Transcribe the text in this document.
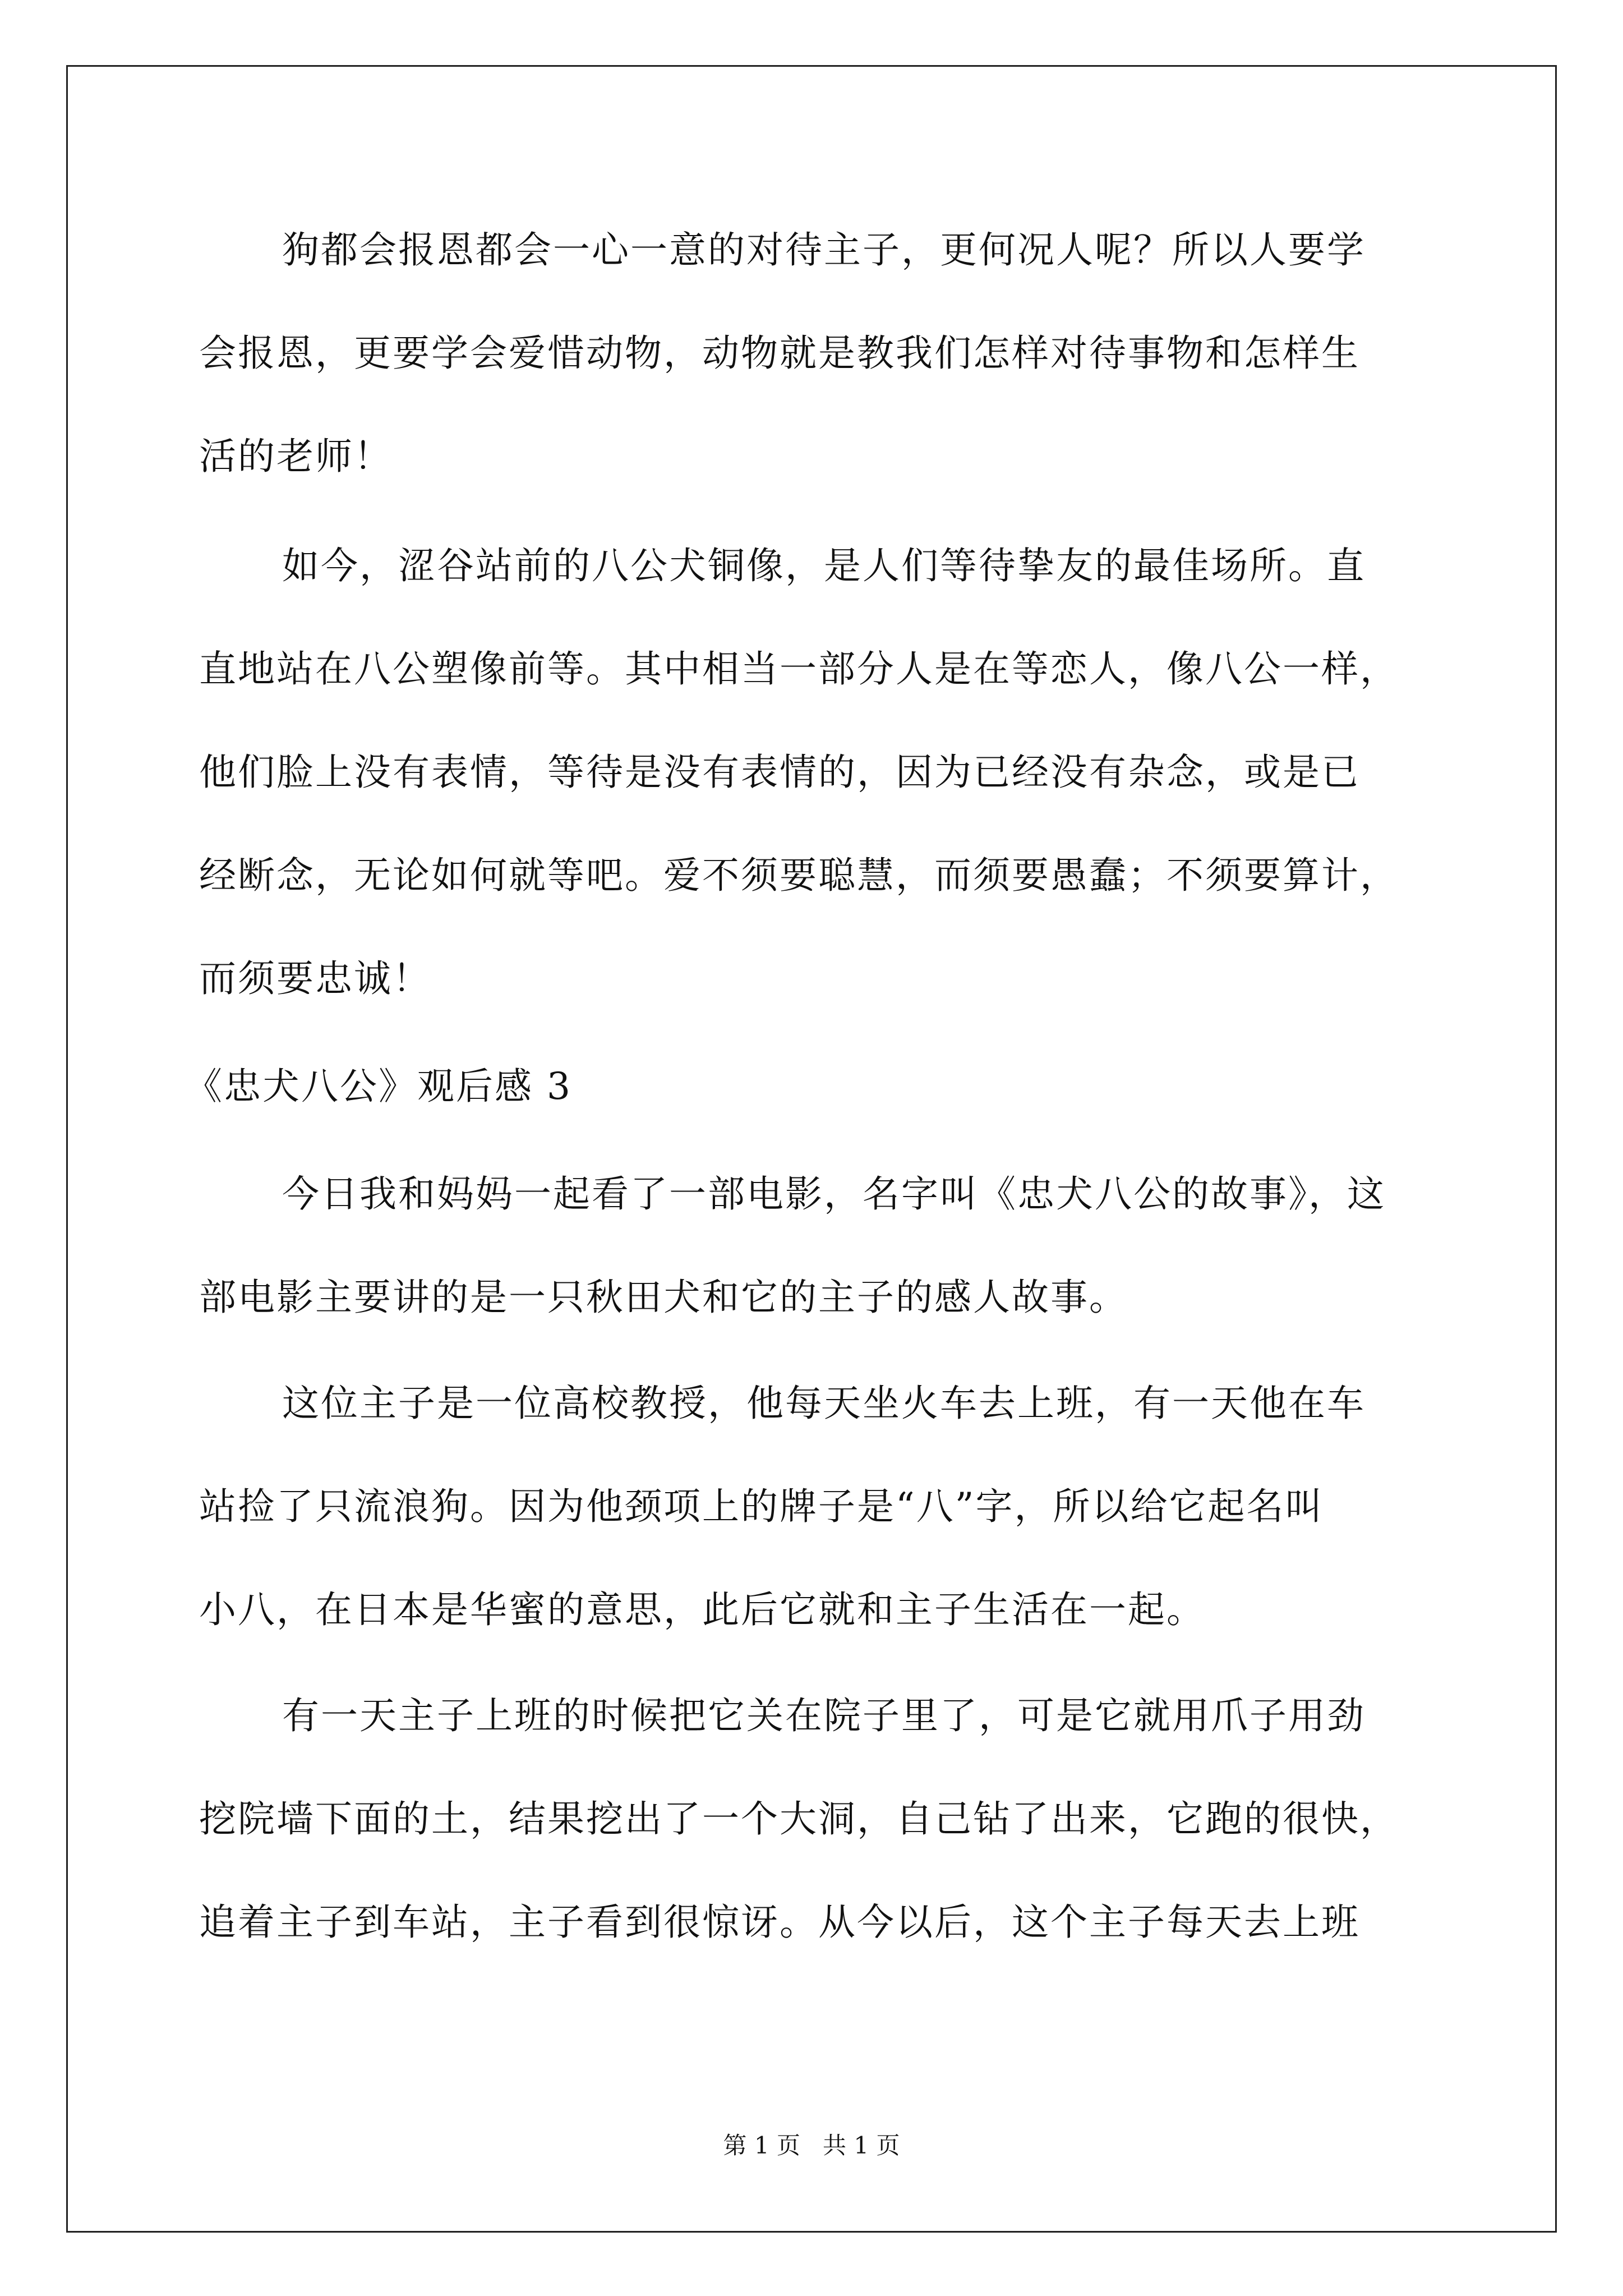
狗都会报恩都会一心一意的对待主子，更何况人呢？所以人要学
会报恩，更要学会爱惜动物，动物就是教我们怎样对待事物和怎样生
活的老师！
如今，涩谷站前的八公犬铜像，是人们等待挚友的最佳场所。直
直地站在八公塑像前等。其中相当一部分人是在等恋人，像八公一样，
他们脸上没有表情，等待是没有表情的，因为已经没有杂念，或是已
经断念，无论如何就等吧。爱不须要聪慧，而须要愚蠢；不须要算计，
而须要忠诚！
《忠犬八公》观后感 3
今日我和妈妈一起看了一部电影，名字叫《忠犬八公的故事》，这
部电影主要讲的是一只秋田犬和它的主子的感人故事。
这位主子是一位高校教授，他每天坐火车去上班，有一天他在车
站捡了只流浪狗。因为他颈项上的牌子是“八”字，所以给它起名叫
小八，在日本是华蜜的意思，此后它就和主子生活在一起。
有一天主子上班的时候把它关在院子里了，可是它就用爪子用劲
挖院墙下面的土，结果挖出了一个大洞，自己钻了出来，它跑的很快，
追着主子到车站，主子看到很惊讶。从今以后，这个主子每天去上班
第 1 页   共 1 页
